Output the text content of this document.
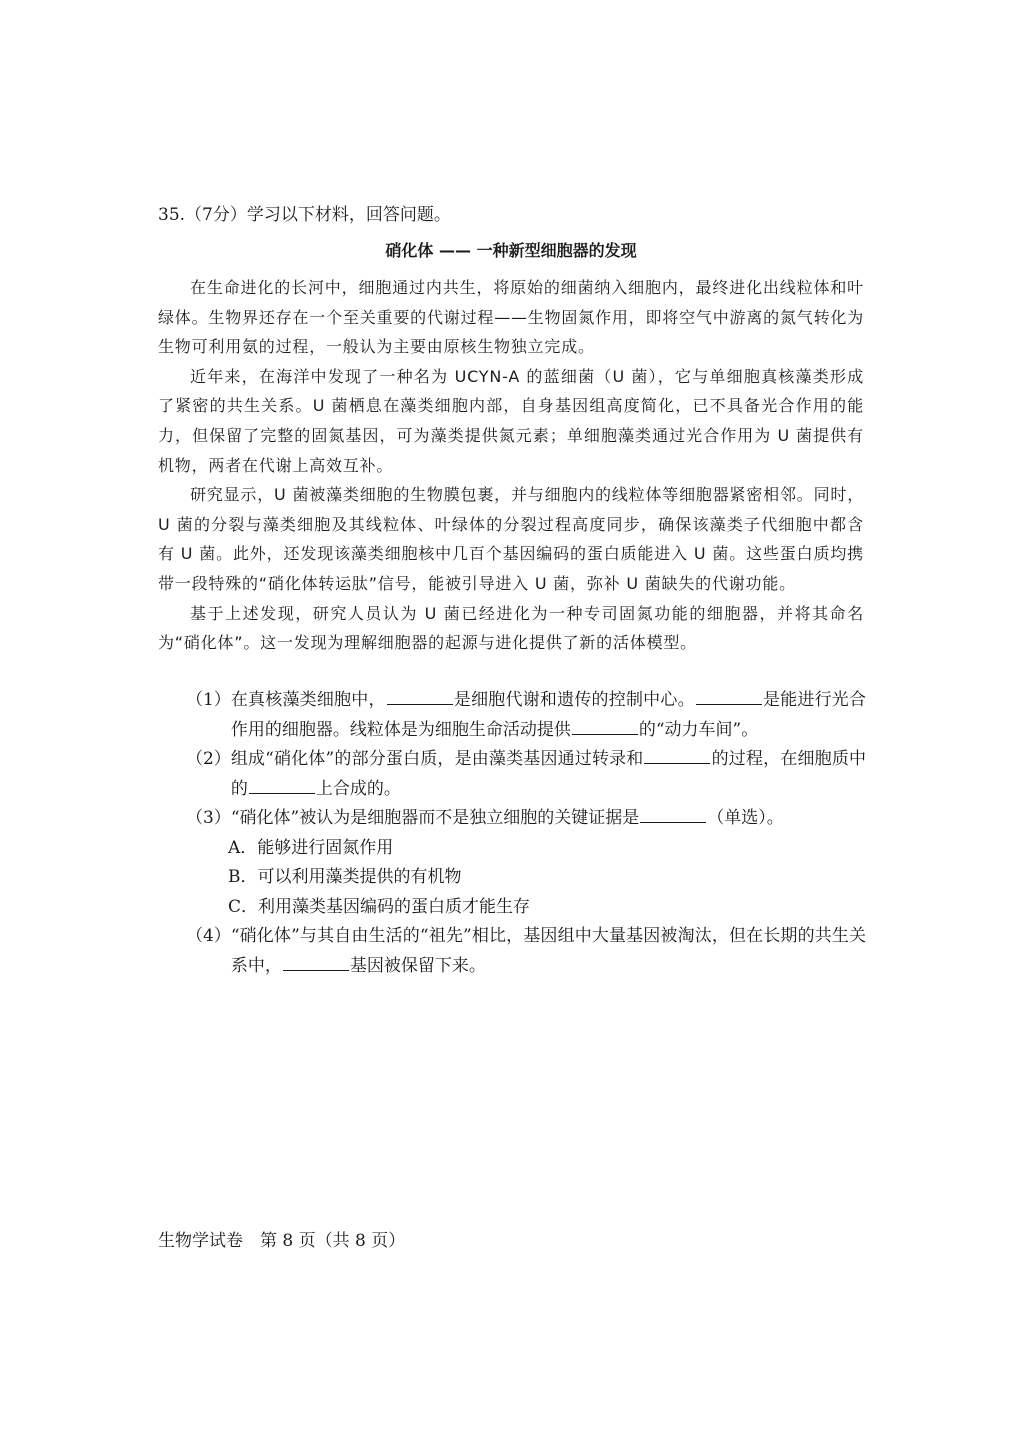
35.（7分）学习以下材料，回答问题。
硝化体 —— 一种新型细胞器的发现

在生命进化的长河中，细胞通过内共生，将原始的细菌纳入细胞内，最终进化出线粒体和叶绿体。生物界还存在一个至关重要的代谢过程——生物固氮作用，即将空气中游离的氮气转化为生物可利用氨的过程，一般认为主要由原核生物独立完成。

近年来，在海洋中发现了一种名为 UCYN-A 的蓝细菌（U 菌），它与单细胞真核藻类形成了紧密的共生关系。U 菌栖息在藻类细胞内部，自身基因组高度简化，已不具备光合作用的能力，但保留了完整的固氮基因，可为藻类提供氮元素；单细胞藻类通过光合作用为 U 菌提供有机物，两者在代谢上高效互补。

研究显示，U 菌被藻类细胞的生物膜包裹，并与细胞内的线粒体等细胞器紧密相邻。同时，U 菌的分裂与藻类细胞及其线粒体、叶绿体的分裂过程高度同步，确保该藻类子代细胞中都含有 U 菌。此外，还发现该藻类细胞核中几百个基因编码的蛋白质能进入 U 菌。这些蛋白质均携带一段特殊的“硝化体转运肽”信号，能被引导进入 U 菌，弥补 U 菌缺失的代谢功能。

基于上述发现，研究人员认为 U 菌已经进化为一种专司固氮功能的细胞器，并将其命名为“硝化体”。这一发现为理解细胞器的起源与进化提供了新的活体模型。

（1） 在真核藻类细胞中，	是细胞代谢和遗传的控制中心。	是能进行光合作用的细胞器。线粒体是为细胞生命活动提供	的“动力车间”。
（2） 组成“硝化体”的部分蛋白质，是由藻类基因通过转录和	的过程，在细胞质中的	上合成的。
（3） “硝化体”被认为是细胞器而不是独立细胞的关键证据是	（单选）。
A．能够进行固氮作用
B．可以利用藻类提供的有机物
C．利用藻类基因编码的蛋白质才能生存
（4） “硝化体”与其自由生活的“祖先”相比，基因组中大量基因被淘汰，但在长期的共生关系中，	基因被保留下来。
生物学试卷　第 8 页（共 8 页）
